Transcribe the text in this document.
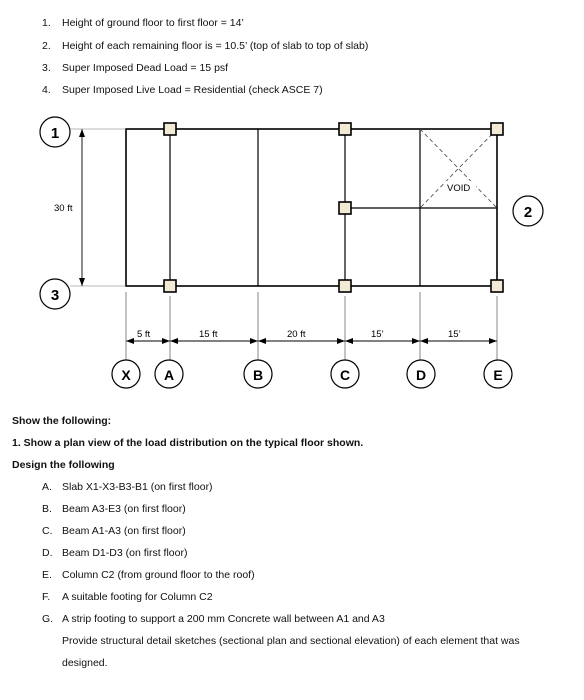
1. Height of ground floor to first floor = 14’
2. Height of each remaining floor is = 10.5’ (top of slab to top of slab)
3. Super Imposed Dead Load = 15 psf
4. Super Imposed Live Load = Residential (check ASCE 7)
VOID
1
3
2
30 ft
5 ft	15 ft	20 ft	15’	15’
X A	B	C	D	E
Show the following:
1. Show a plan view of the load distribution on the typical floor shown.
Design the following
A. Slab X1-X3-B3-B1 (on first floor)
B. Beam A3-E3 (on first floor)
C. Beam A1-A3 (on first floor)
D. Beam D1-D3 (on first floor)
E. Column C2 (from ground floor to the roof)
F. A suitable footing for Column C2
G. A strip footing to support a 200 mm Concrete wall between A1 and A3
Provide structural detail sketches (sectional plan and sectional elevation) of each element that was
designed.
